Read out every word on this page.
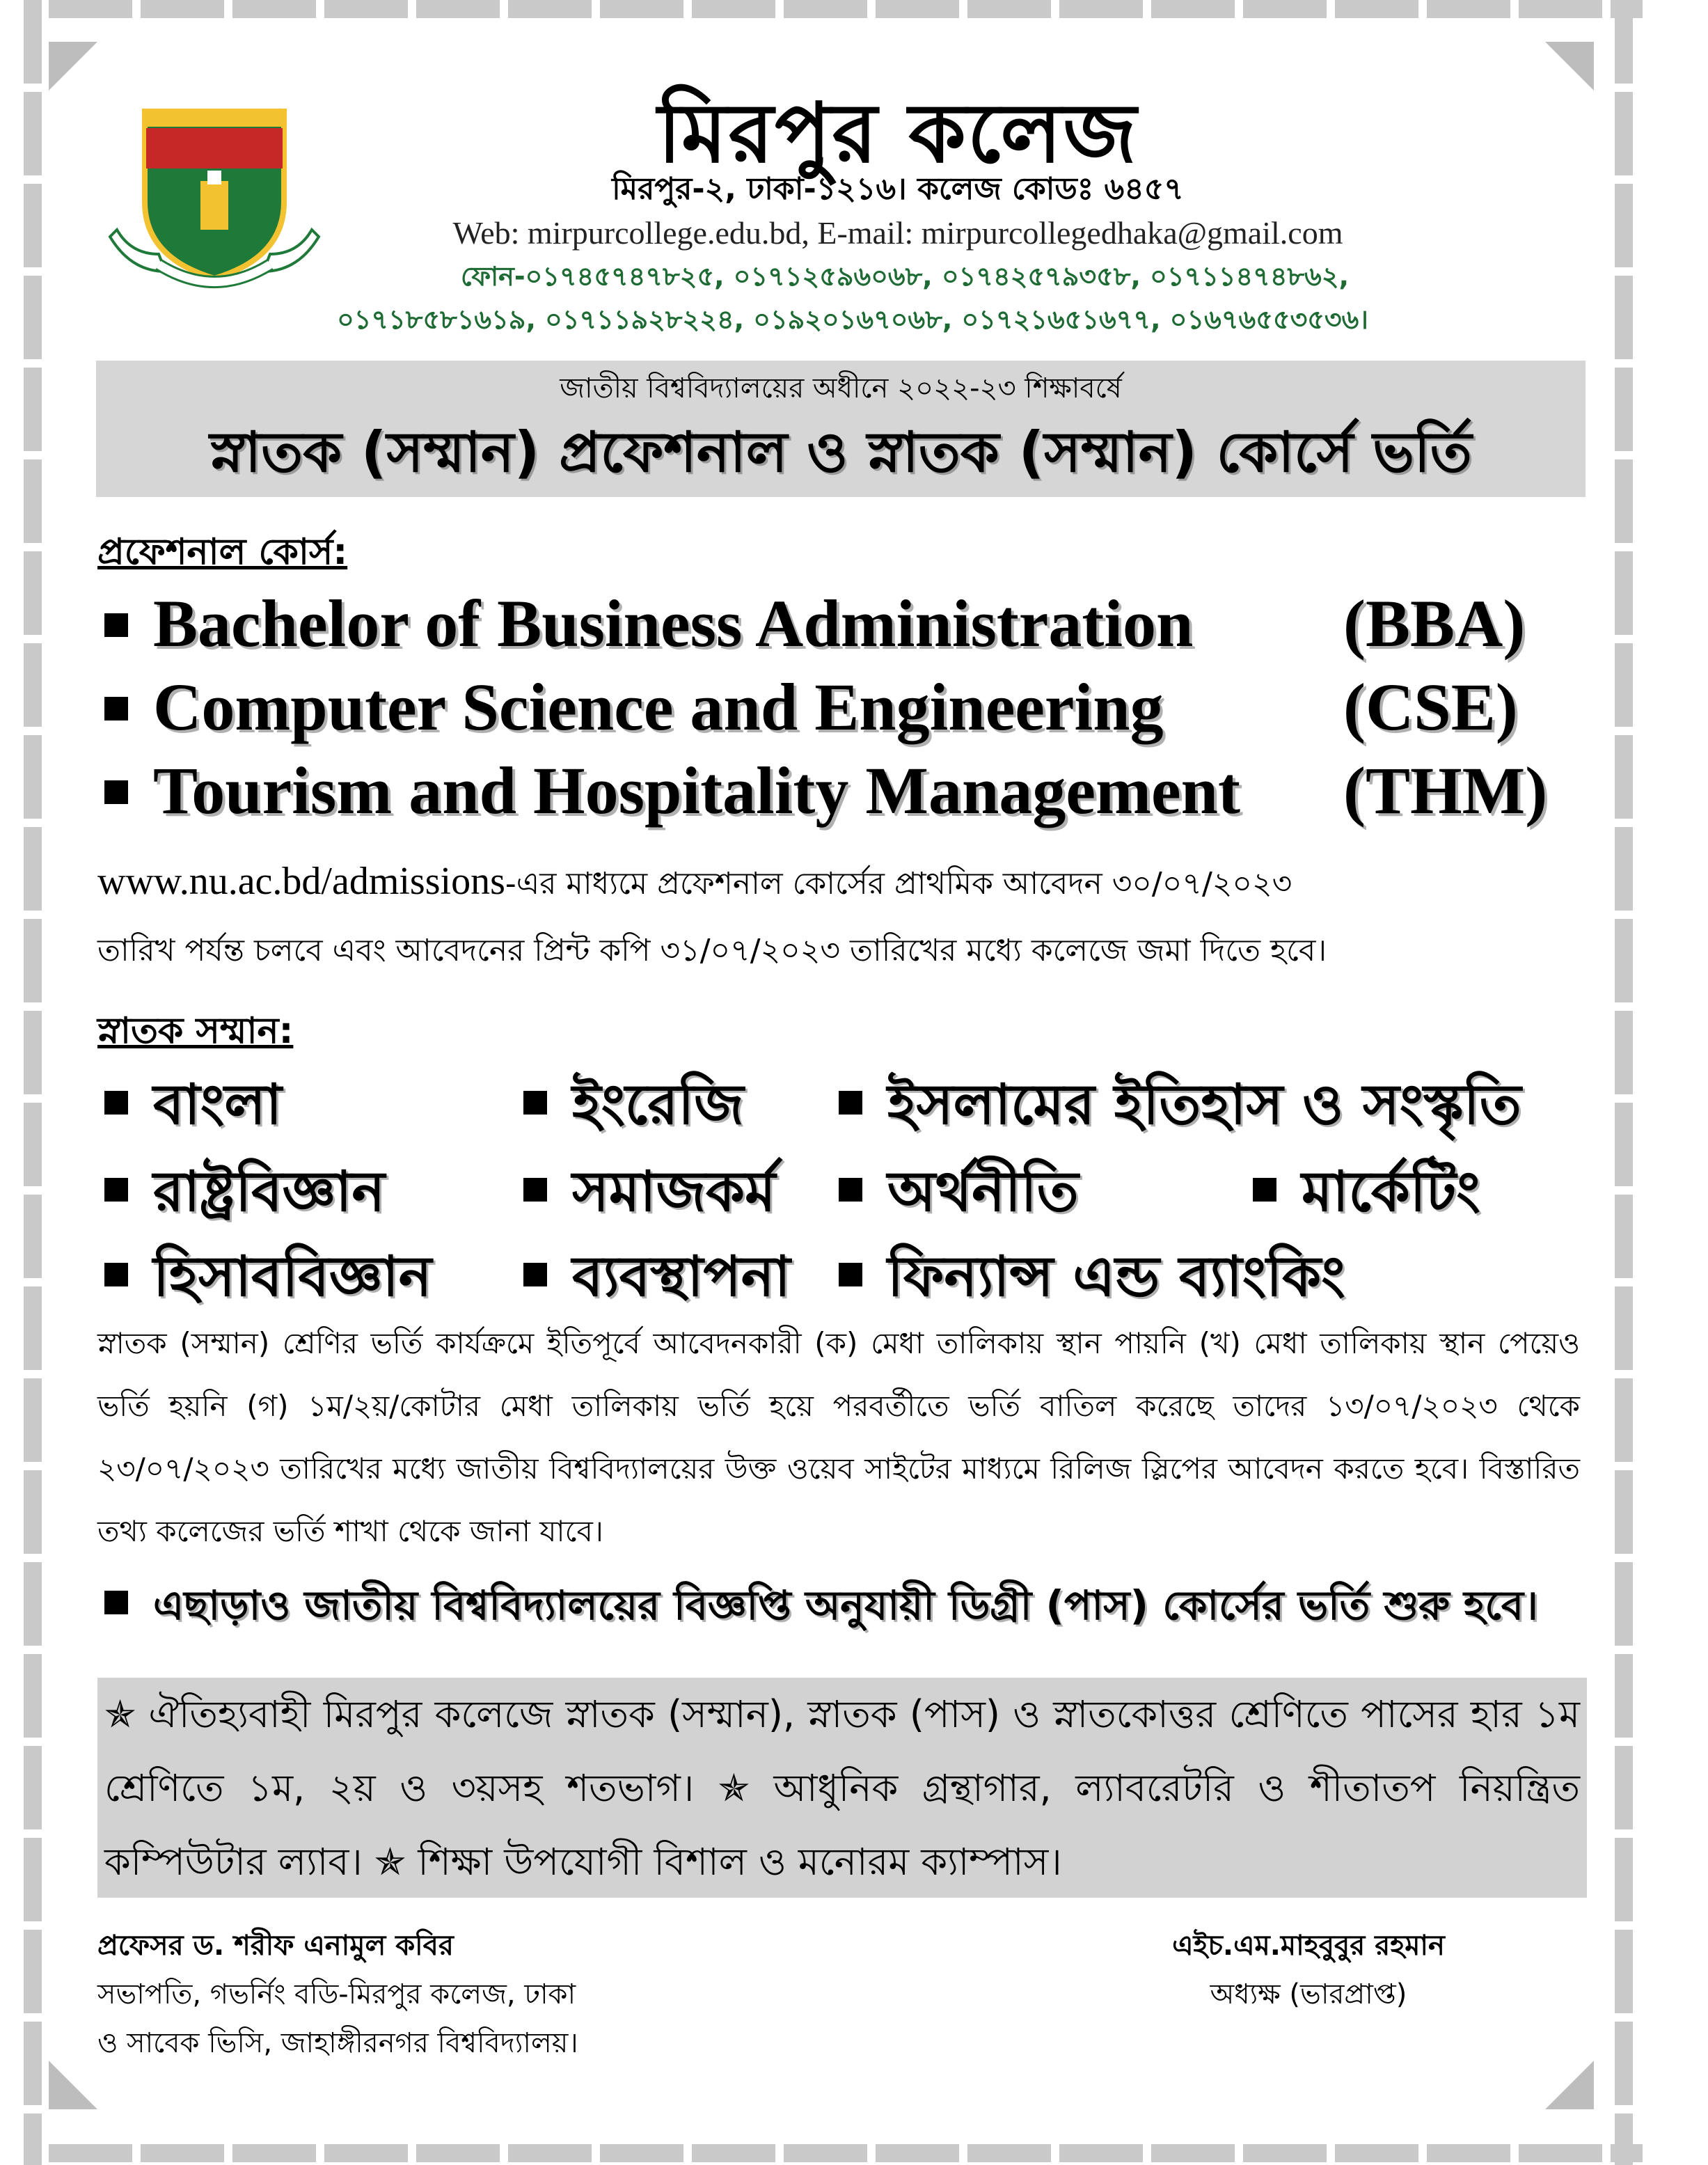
মিরপুর কলেজ
মিরপুর-২, ঢাকা-১২১৬। কলেজ কোডঃ ৬৪৫৭
Web: mirpurcollege.edu.bd, E-mail: mirpurcollegedhaka@gmail.com
ফোন-০১৭৪৫৭৪৭৮২৫, ০১৭১২৫৯৬০৬৮, ০১৭৪২৫৭৯৩৫৮, ০১৭১১৪৭৪৮৬২,
০১৭১৮৫৮১৬১৯, ০১৭১১৯২৮২২৪, ০১৯২০১৬৭০৬৮, ০১৭২১৬৫১৬৭৭, ০১৬৭৬৫৫৩৫৩৬।
জাতীয় বিশ্ববিদ্যালয়ের অধীনে ২০২২-২৩ শিক্ষাবর্ষে
স্নাতক (সম্মান) প্রফেশনাল ও স্নাতক (সম্মান) কোর্সে ভর্তি
প্রফেশনাল কোর্স:
Bachelor of Business Administration (BBA)
Computer Science and Engineering	(CSE)
Tourism and Hospitality Management (THM)
www.nu.ac.bd/admissions-এর মাধ্যমে প্রফেশনাল কোর্সের প্রাথমিক আবেদন ৩০/০৭/২০২৩
তারিখ পর্যন্ত চলবে এবং আবেদনের প্রিন্ট কপি ৩১/০৭/২০২৩ তারিখের মধ্যে কলেজে জমা দিতে হবে।
স্নাতক সম্মান:
বাংলা	ইংরেজি	ইসলামের ইতিহাস ও সংস্কৃতি
রাষ্ট্রবিজ্ঞান	সমাজকর্ম	অর্থনীতি	মার্কেটিং
হিসাববিজ্ঞান	ব্যবস্থাপনা	ফিন্যান্স এন্ড ব্যাংকিং
স্নাতক (সম্মান) শ্রেণির ভর্তি কার্যক্রমে ইতিপূর্বে আবেদনকারী (ক) মেধা তালিকায় স্থান পায়নি (খ) মেধা তালিকায় স্থান পেয়েও ভর্তি হয়নি (গ) ১ম/২য়/কোটার মেধা তালিকায় ভর্তি হয়ে পরবর্তীতে ভর্তি বাতিল করেছে তাদের ১৩/০৭/২০২৩ থেকে ২৩/০৭/২০২৩ তারিখের মধ্যে জাতীয় বিশ্ববিদ্যালয়ের উক্ত ওয়েব সাইটের মাধ্যমে রিলিজ স্লিপের আবেদন করতে হবে। বিস্তারিত তথ্য কলেজের ভর্তি শাখা থেকে জানা যাবে।
এছাড়াও জাতীয় বিশ্ববিদ্যালয়ের বিজ্ঞপ্তি অনুযায়ী ডিগ্রী (পাস) কোর্সের ভর্তি শুরু হবে।
✯ ঐতিহ্যবাহী মিরপুর কলেজে স্নাতক (সম্মান), স্নাতক (পাস) ও স্নাতকোত্তর শ্রেণিতে পাসের হার ১ম শ্রেণিতে ১ম, ২য় ও ৩য়সহ শতভাগ। ✯ আধুনিক গ্রন্থাগার, ল্যাবরেটরি ও শীতাতপ নিয়ন্ত্রিত কম্পিউটার ল্যাব। ✯ শিক্ষা উপযোগী বিশাল ও মনোরম ক্যাম্পাস।
প্রফেসর ড. শরীফ এনামুল কবির
সভাপতি, গভর্নিং বডি-মিরপুর কলেজ, ঢাকা
ও সাবেক ভিসি, জাহাঙ্গীরনগর বিশ্ববিদ্যালয়।
এইচ.এম.মাহবুবুর রহমান
অধ্যক্ষ (ভারপ্রাপ্ত)
